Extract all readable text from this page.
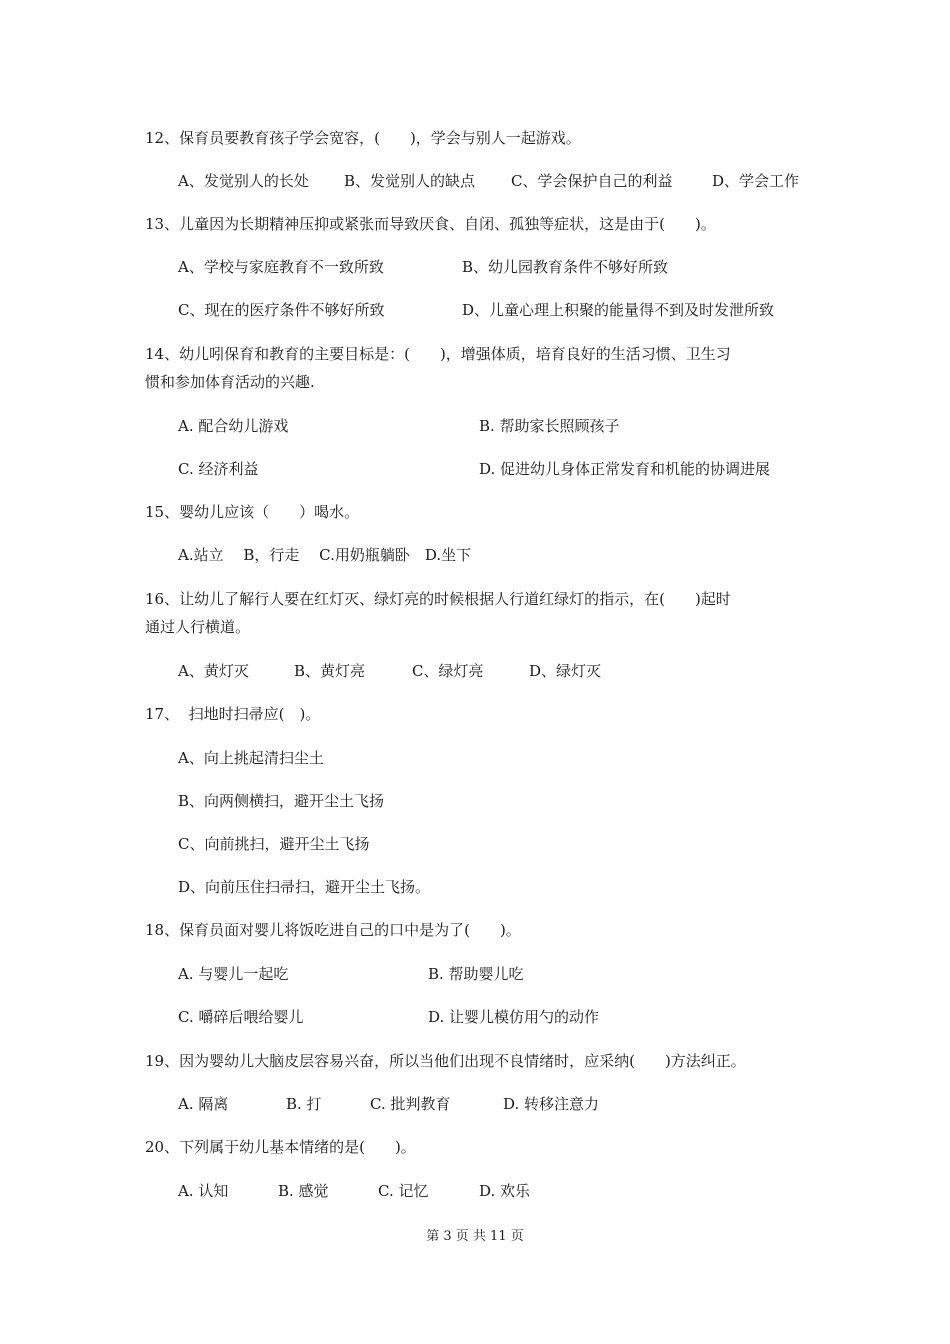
12、保育员要教育孩子学会宽容，(　　)，学会与别人一起游戏。
A、发觉别人的长处 B、发觉别人的缺点 C、学会保护自己的利益	D、学会工作
13、儿童因为长期精神压抑或紧张而导致厌食、自闭、孤独等症状，这是由于(　　)。
A、学校与家庭教育不一致所致	B、幼儿园教育条件不够好所致
C、现在的医疗条件不够好所致	D、儿童心理上积聚的能量得不到及时发泄所致
14、幼儿吲保育和教育的主要目标是：(　　)，增强体质，培育良好的生活习惯、卫生习
惯和参加体育活动的兴趣.
A. 配合幼儿游戏	B. 帮助家长照顾孩子
C. 经济利益	D. 促进幼儿身体正常发育和机能的协调进展
15、婴幼儿应该（　　）喝水。
A.站立　 B，行走　 C.用奶瓶躺卧　D.坐下
16、让幼儿了解行人要在红灯灭、绿灯亮的时候根据人行道红绿灯的指示，在(　　)起时
通过人行横道。
A、黄灯灭	B、黄灯亮	C、绿灯亮	D、绿灯灭
17、  扫地时扫帚应(　)。
A、向上挑起清扫尘土
B、向两侧横扫，避开尘土飞扬
C、向前挑扫，避开尘土飞扬
D、向前压住扫帚扫，避开尘土飞扬。
18、保育员面对婴儿将饭吃进自己的口中是为了(　　)。
A. 与婴儿一起吃	B. 帮助婴儿吃
C. 嚼碎后喂给婴儿	D. 让婴儿模仿用勺的动作
19、因为婴幼儿大脑皮层容易兴奋，所以当他们出现不良情绪时，应采纳(　　)方法纠正。
A. 隔离	B. 打	C. 批判教育	D. 转移注意力
20、下列属于幼儿基本情绪的是(　　)。
A. 认知	B. 感觉	C. 记忆	D. 欢乐
第 3 页 共 11 页
